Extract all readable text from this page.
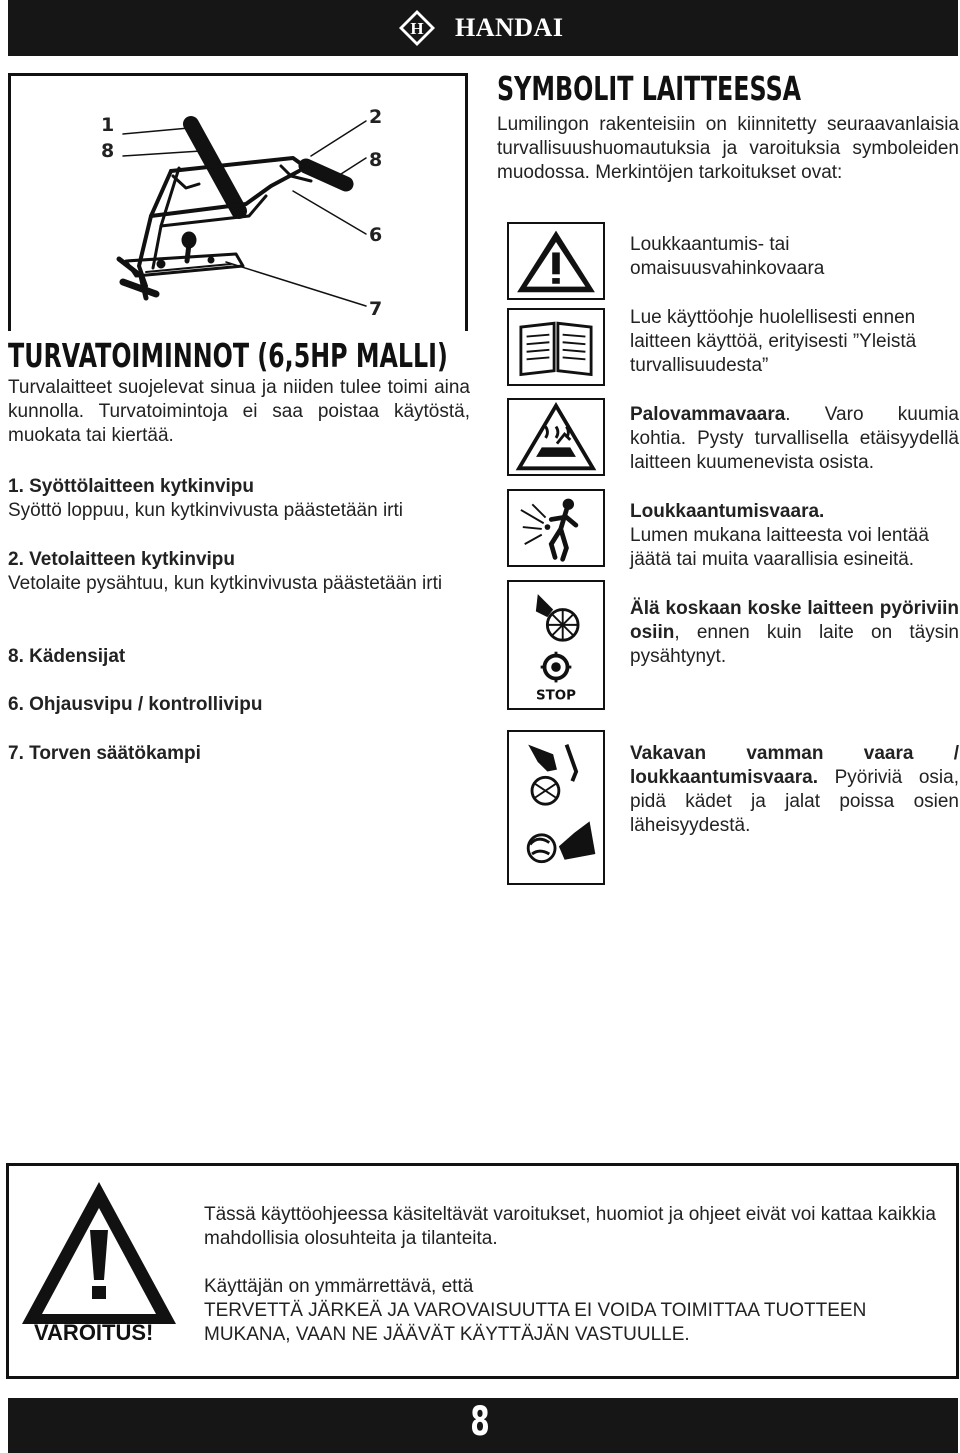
H HANDAI
1
8
2
8
6
7
SYMBOLIT LAITTEESSA
Lumilingon rakenteisiin on kiinnitetty seuraavanlaisia turvallisuushuomautuksia ja varoituksia symboleiden muodossa. Merkintöjen tarkoitukset ovat:
Loukkaantumis- tai omaisuusvahinkovaara
Lue käyttöohje huolellisesti ennen laitteen käyttöä, erityisesti ”Yleistä turvallisuudesta”
Palovammavaara. Varo kuumia kohtia. Pysty turvallisella etäisyydellä laitteen kuumenevista osista.
Loukkaantumisvaara.
Lumen mukana laitteesta voi lentää jäätä tai muita vaarallisia esineitä.
STOP
Älä koskaan koske laitteen pyöriviin osiin, ennen kuin laite on täysin pysähtynyt.
Vakavan vamman vaara / loukkaantumisvaara. Pyöriviä osia, pidä kädet ja jalat poissa osien läheisyydestä.
TURVATOIMINNOT (6,5HP MALLI)
Turvalaitteet suojelevat sinua ja niiden tulee toimi aina kunnolla. Turvatoimintoja ei saa poistaa käytöstä, muokata tai kiertää.
1. Syöttölaitteen kytkinvipu
Syöttö loppuu, kun kytkinvivusta päästetään irti
2. Vetolaitteen kytkinvipu
Vetolaite pysähtuu, kun kytkinvivusta päästetään irti
8. Kädensijat
6. Ohjausvipu / kontrollivipu
7. Torven säätökampi
VAROITUS!
Tässä käyttöohjeessa käsiteltävät varoitukset, huomiot ja ohjeet eivät voi kattaa kaikkia mahdollisia olosuhteita ja tilanteita.
Käyttäjän on ymmärrettävä, että
TERVETTÄ JÄRKEÄ JA VAROVAISUUTTA EI VOIDA TOIMITTAA TUOTTEEN MUKANA, VAAN NE JÄÄVÄT KÄYTTÄJÄN VASTUULLE.
8
